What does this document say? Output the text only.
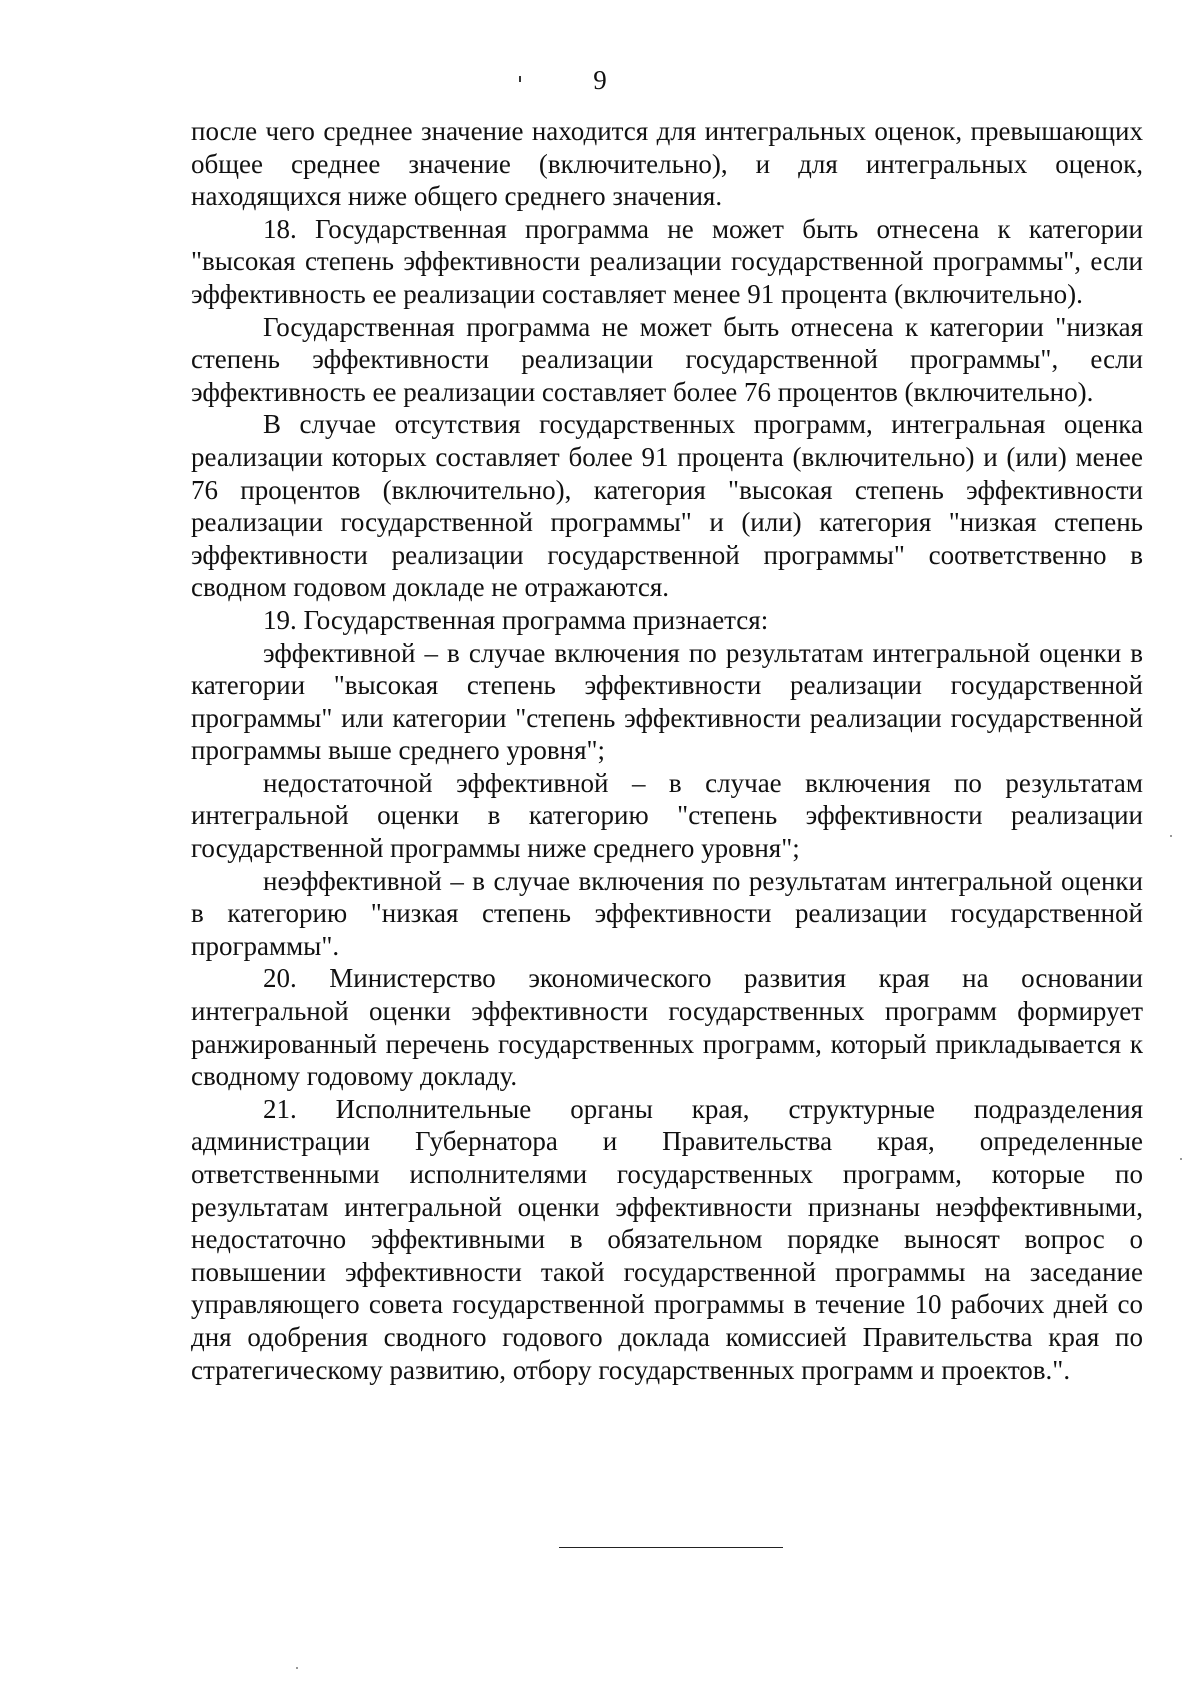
9

после чего среднее значение находится для интегральных оценок, превышающих общее среднее значение (включительно), и для интегральных оценок, находящихся ниже общего среднего значения.

18. Государственная программа не может быть отнесена к категории "высокая степень эффективности реализации государственной программы", если эффективность ее реализации составляет менее 91 процента (включительно).

Государственная программа не может быть отнесена к категории "низкая степень эффективности реализации государственной программы", если эффективность ее реализации составляет более 76 процентов (включительно).

В случае отсутствия государственных программ, интегральная оценка реализации которых составляет более 91 процента (включительно) и (или) менее 76 процентов (включительно), категория "высокая степень эффективности реализации государственной программы" и (или) категория "низкая степень эффективности реализации государственной программы" соответственно в сводном годовом докладе не отражаются.

19. Государственная программа признается:

эффективной – в случае включения по результатам интегральной оценки в категории "высокая степень эффективности реализации государственной программы" или категории "степень эффективности реализации государственной программы выше среднего уровня";

недостаточной эффективной – в случае включения по результатам интегральной оценки в категорию "степень эффективности реализации государственной программы ниже среднего уровня";

неэффективной – в случае включения по результатам интегральной оценки в категорию "низкая степень эффективности реализации государственной программы".

20. Министерство экономического развития края на основании интегральной оценки эффективности государственных программ формирует ранжированный перечень государственных программ, который прикладывается к сводному годовому докладу.

21. Исполнительные органы края, структурные подразделения администрации Губернатора и Правительства края, определенные ответственными исполнителями государственных программ, которые по результатам интегральной оценки эффективности признаны неэффективными, недостаточно эффективными в обязательном порядке выносят вопрос о повышении эффективности такой государственной программы на заседание управляющего совета государственной программы в течение 10 рабочих дней со дня одобрения сводного годового доклада комиссией Правительства края по стратегическому развитию, отбору государственных программ и проектов.".
